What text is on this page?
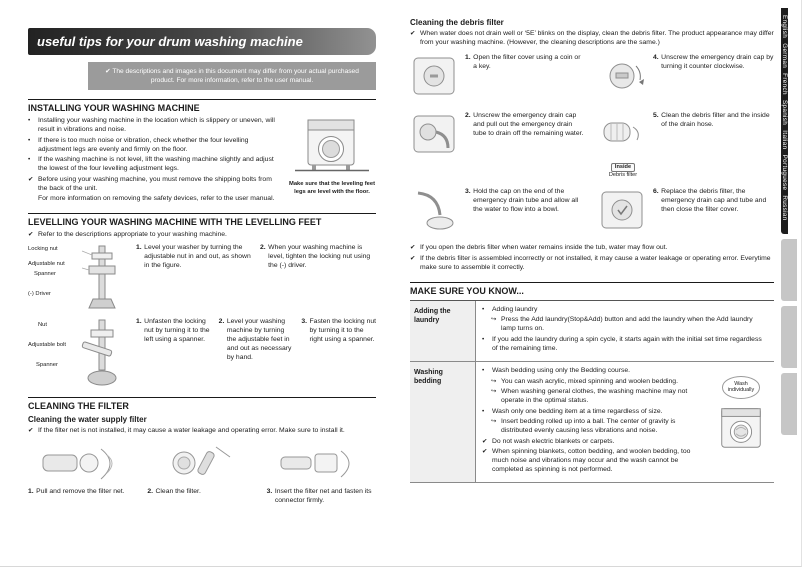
useful tips for your drum washing machine
✔ The descriptions and images in this document may differ from your actual purchased product. For more information, refer to the user manual.
INSTALLING YOUR WASHING MACHINE
•	Installing your washing machine in the location which is slippery or uneven, will result in vibrations and noise.
•	If there is too much noise or vibration, check whether the four levelling adjustment legs are evenly and firmly on the floor.
•	If the washing machine is not level, lift the washing machine slightly and adjust the lowest of the four levelling adjustment legs.
✔ Before using your washing machine, you must remove the shipping bolts from the back of the unit.
For more information on removing the safety devices, refer to the user manual.
Make sure that the leveling feet legs are level with the floor.
LEVELLING YOUR WASHING MACHINE WITH THE LEVELLING FEET
✔ Refer to the descriptions appropriate to your washing machine.
Locking nut
Adjustable nut
Spanner
(-) Driver
1. Level your washer by turning the adjustable nut in and out, as shown in the figure.
2. When your washing machine is level, tighten the locking nut using the (-) driver.
Nut
Adjustable bolt
Spanner
1. Unfasten the locking nut by turning it to the left using a spanner.
2. Level your washing machine by turning the adjustable feet in and out as necessary by hand.
3. Fasten the locking nut by turning it to the right using a spanner.
CLEANING THE FILTER
Cleaning the water supply filter
✔ If the filter net is not installed, it may cause a water leakage and operating error. Make sure to install it.
1. Pull and remove the filter net.	2. Clean the filter.	3. Insert the filter net and fasten its connector firmly.
Cleaning the debris filter
✔ When water does not drain well or ‘5E’ blinks on the display, clean the debris filter. The product appearance may differ from your washing machine. (However, the cleaning descriptions are the same.)
1. Open the filter cover using a coin or a key.
4. Unscrew the emergency drain cap by turning it counter clockwise.
2. Unscrew the emergency drain cap and pull out the emergency drain tube to drain off the remaining water.
Inside
Debris filter
5. Clean the debris filter and the inside of the drain hose.
3. Hold the cap on the end of the emergency drain tube and allow all the water to flow into a bowl.
6. Replace the debris filter, the emergency drain cap and tube and then close the filter cover.
✔ If you open the debris filter when water remains inside the tub, water may flow out.
✔ If the debris filter is assembled incorrectly or not installed, it may cause a water leakage or operating error. Everytime make sure to assemble it correctly.
MAKE SURE YOU KNOW...
Adding the laundry
•	Adding laundry
↪ Press the Add laundry(Stop&Add) button and add the laundry when the Add laundry lamp turns on.
•	If you add the laundry during a spin cycle, it starts again with the initial set time regardless of the remaining time.
Washing bedding
•	Wash bedding using only the Bedding course.
↪ You can wash acrylic, mixed spinning and woolen bedding.
↪ When washing general clothes, the washing machine may not operate in the optimal status.
•	Wash only one bedding item at a time regardless of size.
↪ Insert bedding rolled up into a ball. The center of gravity is distributed evenly causing less vibrations and noise.
✔ Do not wash electric blankets or carpets.
✔ When spinning blankets, cotton bedding, and woolen bedding, too much noise and vibrations may occur and the wash cannot be completed as spinning is not performed.
Wash individually
English German French Spanish Italian Portuguese Russian
